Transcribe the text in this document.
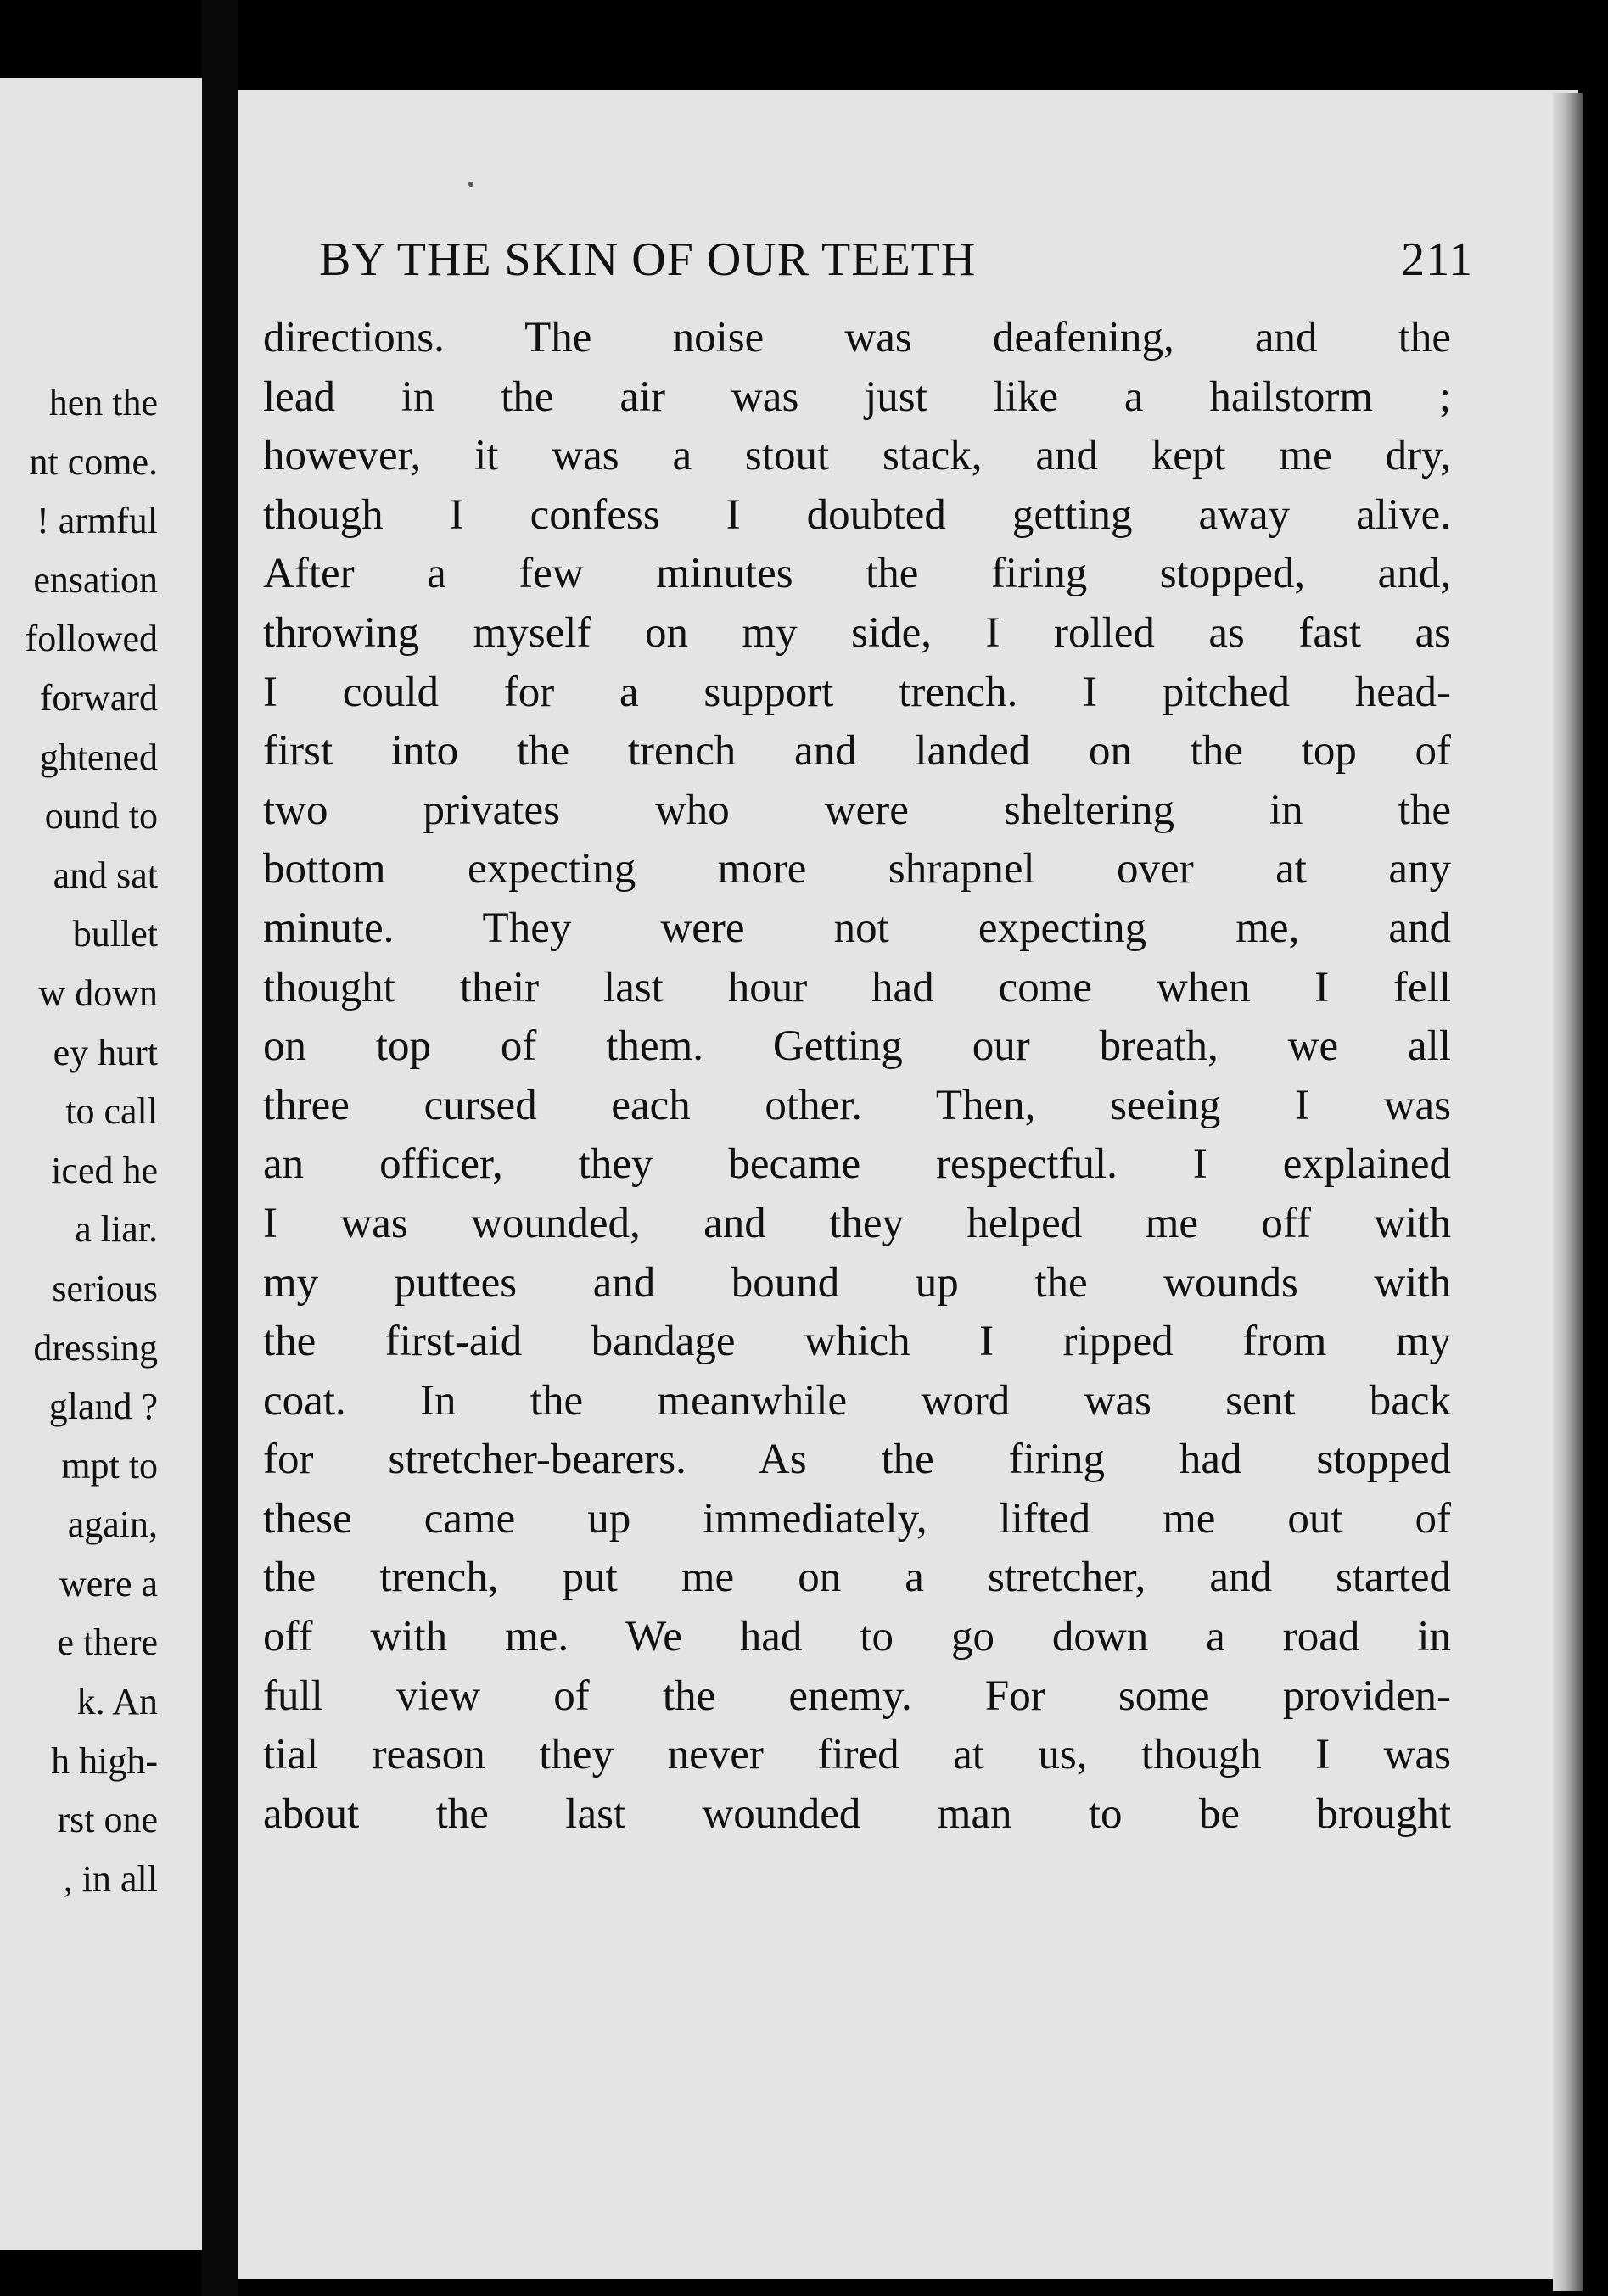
hen the
nt come.
! armful
ensation
followed
forward
ghtened
ound to
and sat
bullet
w down
ey hurt
to call
iced he
a liar.
serious
dressing
gland ?
mpt to
again,
were a
e there
k. An
h high-
rst one
, in all
BY THE SKIN OF OUR TEETH	211
directions. The noise was deafening, and the
lead in the air was just like a hailstorm ;
however, it was a stout stack, and kept me dry,
though I confess I doubted getting away alive.
After a few minutes the firing stopped, and,
throwing myself on my side, I rolled as fast as
I could for a support trench. I pitched head-
first into the trench and landed on the top of
two privates who were sheltering in the
bottom expecting more shrapnel over at any
minute. They were not expecting me, and
thought their last hour had come when I fell
on top of them. Getting our breath, we all
three cursed each other. Then, seeing I was
an officer, they became respectful. I explained
I was wounded, and they helped me off with
my puttees and bound up the wounds with
the first-aid bandage which I ripped from my
coat. In the meanwhile word was sent back
for stretcher-bearers. As the firing had stopped
these came up immediately, lifted me out of
the trench, put me on a stretcher, and started
off with me. We had to go down a road in
full view of the enemy. For some providen-
tial reason they never fired at us, though I was
about the last wounded man to be brought
